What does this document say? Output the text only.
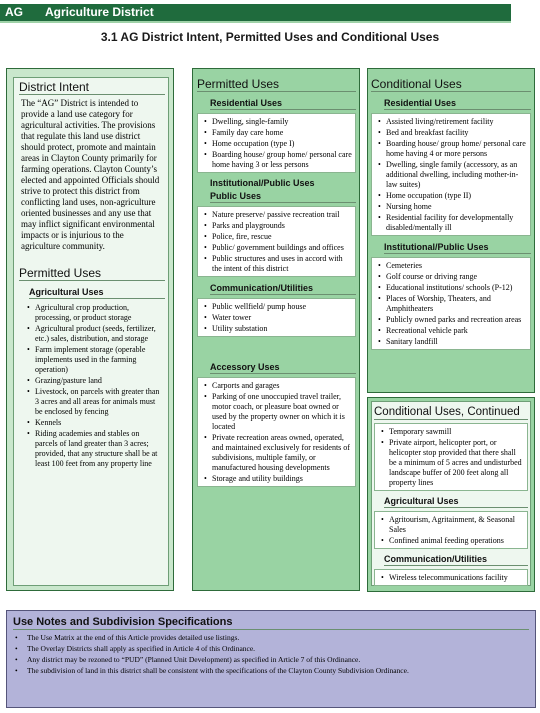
AG Agriculture District
3.1 AG District Intent, Permitted Uses and Conditional Uses
District Intent
The “AG” District is intended to provide a land use category for agricultural activities. The provisions that regulate this land use district should protect, promote and maintain areas in Clayton County primarily for farming operations. Clayton County’s elected and appointed Officials should strive to protect this district from conflicting land uses, non-agriculture oriented businesses and any use that may inflict significant environmental impacts or is injurious to the agriculture community.
Permitted Uses
Agricultural Uses
• Agricultural crop production, processing, or product storage
• Agricultural product (seeds, fertilizer, etc.) sales, distribution, and storage
• Farm implement storage (operable implements used in the farming operation)
• Grazing/pasture land
• Livestock, on parcels with greater than 3 acres and all areas for animals must be enclosed by fencing
• Kennels
• Riding academies and stables on parcels of land greater than 3 acres; provided, that any structure shall be at least 100 feet from any property line
Permitted Uses
Residential Uses
• Dwelling, single-family
• Family day care home
• Home occupation (type I)
• Boarding house/ group home/ personal care home having 3 or less persons
Institutional/Public Uses
Public Uses
• Nature preserve/ passive recreation trail
• Parks and playgrounds
• Police, fire, rescue
• Public/ government buildings and offices
• Public structures and uses in accord with the intent of this district
Communication/Utilities
• Public wellfield/ pump house
• Water tower
• Utility substation
Accessory Uses
• Carports and garages
• Parking of one unoccupied travel trailer, motor coach, or pleasure boat owned or used by the property owner on which it is located
• Private recreation areas owned, operated, and maintained exclusively for residents of subdivisions, multiple family, or manufactured housing developments
• Storage and utility buildings
Conditional Uses
Residential Uses
• Assisted living/retirement facility
• Bed and breakfast facility
• Boarding house/ group home/ personal care home having 4 or more persons
• Dwelling, single family (accessory, as an additional dwelling, including mother-in-law suites)
• Home occupation (type II)
• Nursing home
• Residential facility for developmentally disabled/mentally ill
Institutional/Public Uses
• Cemeteries
• Golf course or driving range
• Educational institutions/ schools (P-12)
• Places of Worship, Theaters, and Amphitheaters
• Publicly owned parks and recreation areas
• Recreational vehicle park
• Sanitary landfill
Conditional Uses, Continued
• Temporary sawmill
• Private airport, helicopter port, or helicopter stop provided that there shall be a minimum of 5 acres and undisturbed landscape buffer of 200 feet along all property lines
Agricultural Uses
• Agritourism, Agritainment, & Seasonal Sales
• Confined animal feeding operations
Communication/Utilities
• Wireless telecommunications facility
Use Notes and Subdivision Specifications
• The Use Matrix at the end of this Article provides detailed use listings.
• The Overlay Districts shall apply as specified in Article 4 of this Ordinance.
• Any district may be rezoned to “PUD” (Planned Unit Development) as specified in Article 7 of this Ordinance.
• The subdivision of land in this district shall be consistent with the specifications of the Clayton County Subdivision Ordinance.
